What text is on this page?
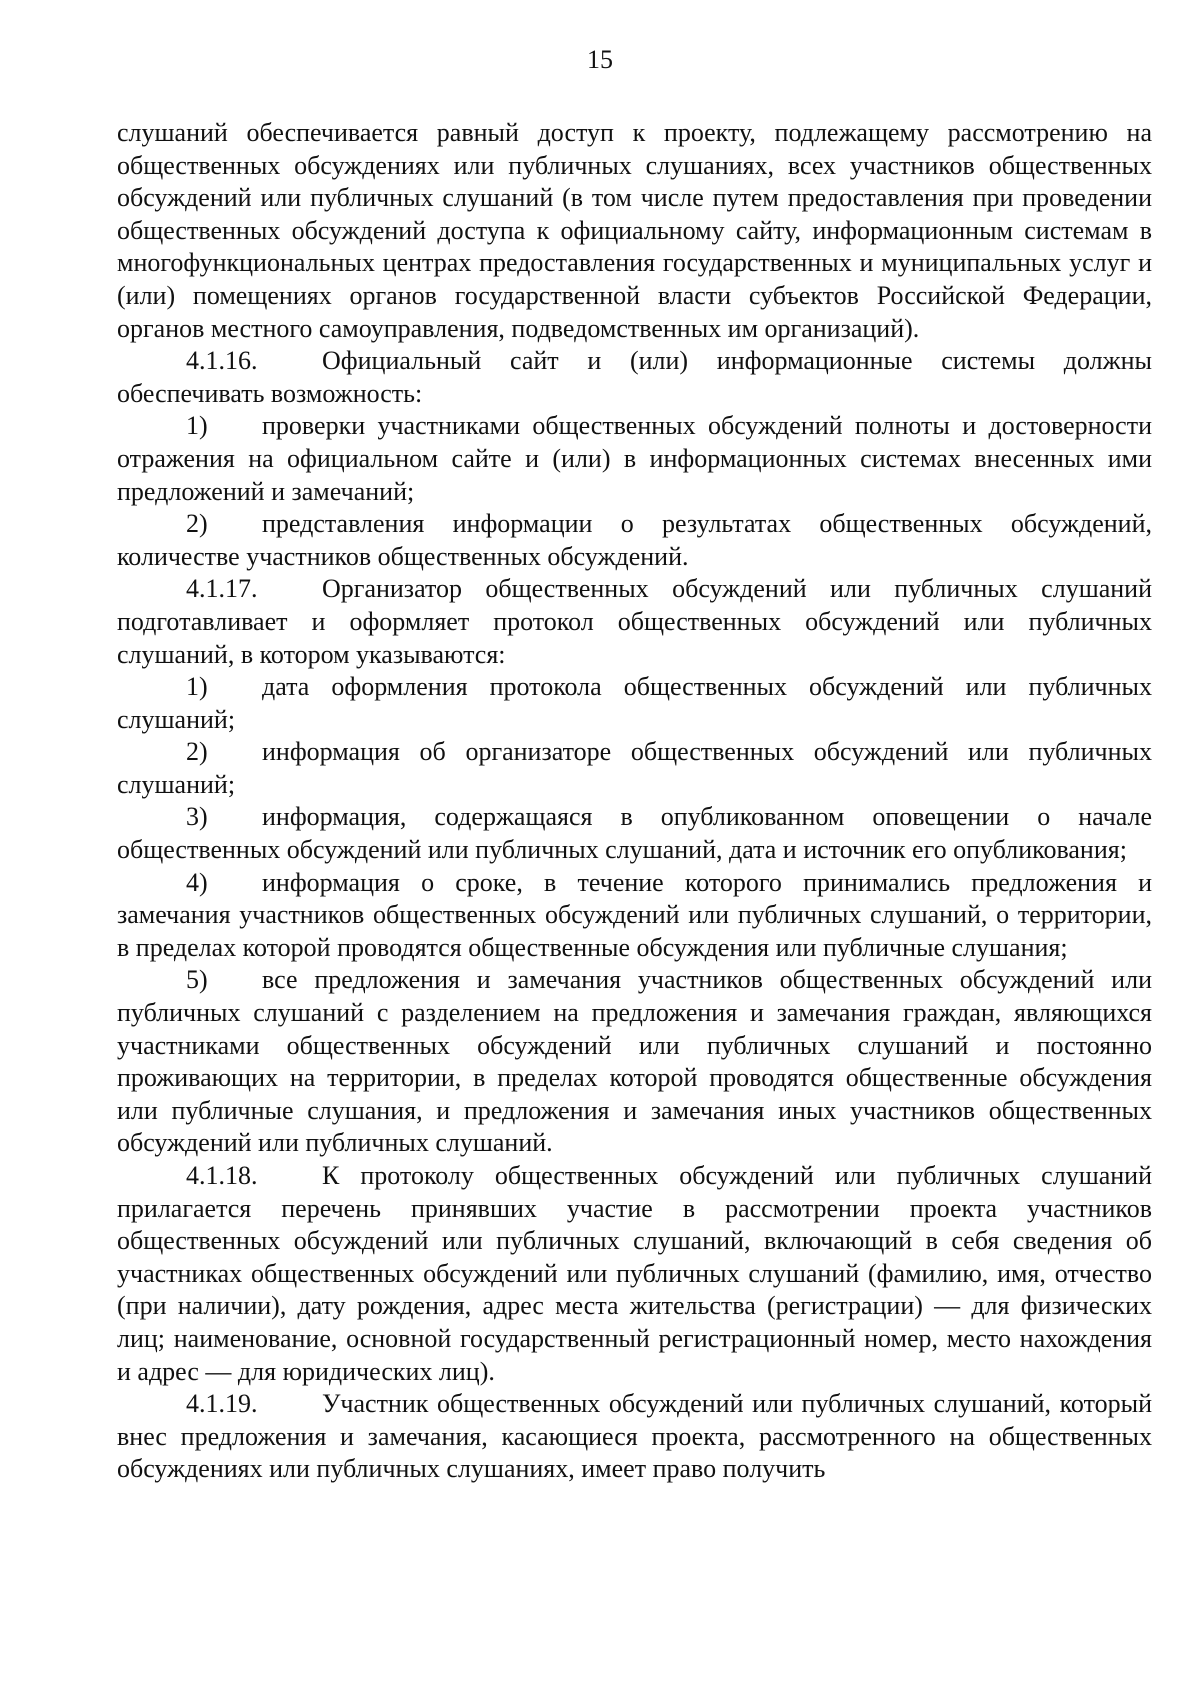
15

слушаний обеспечивается равный доступ к проекту, подлежащему рассмотрению на общественных обсуждениях или публичных слушаниях, всех участников общественных обсуждений или публичных слушаний (в том числе путем предоставления при проведении общественных обсуждений доступа к официальному сайту, информационным системам в многофункциональных центрах предоставления государственных и муниципальных услуг и (или) помещениях органов государственной власти субъектов Российской Федерации, органов местного самоуправления, подведомственных им организаций).

4.1.16. Официальный сайт и (или) информационные системы должны обеспечивать возможность:

1) проверки участниками общественных обсуждений полноты и достоверности отражения на официальном сайте и (или) в информационных системах внесенных ими предложений и замечаний;

2) представления информации о результатах общественных обсуждений, количестве участников общественных обсуждений.

4.1.17. Организатор общественных обсуждений или публичных слушаний подготавливает и оформляет протокол общественных обсуждений или публичных слушаний, в котором указываются:

1) дата оформления протокола общественных обсуждений или публичных слушаний;

2) информация об организаторе общественных обсуждений или публичных слушаний;

3) информация, содержащаяся в опубликованном оповещении о начале общественных обсуждений или публичных слушаний, дата и источник его опубликования;

4) информация о сроке, в течение которого принимались предложения и замечания участников общественных обсуждений или публичных слушаний, о территории, в пределах которой проводятся общественные обсуждения или публичные слушания;

5) все предложения и замечания участников общественных обсуждений или публичных слушаний с разделением на предложения и замечания граждан, являющихся участниками общественных обсуждений или публичных слушаний и постоянно проживающих на территории, в пределах которой проводятся общественные обсуждения или публичные слушания, и предложения и замечания иных участников общественных обсуждений или публичных слушаний.

4.1.18. К протоколу общественных обсуждений или публичных слушаний прилагается перечень принявших участие в рассмотрении проекта участников общественных обсуждений или публичных слушаний, включающий в себя сведения об участниках общественных обсуждений или публичных слушаний (фамилию, имя, отчество (при наличии), дату рождения, адрес места жительства (регистрации) — для физических лиц; наименование, основной государственный регистрационный номер, место нахождения и адрес — для юридических лиц).

4.1.19. Участник общественных обсуждений или публичных слушаний, который внес предложения и замечания, касающиеся проекта, рассмотренного на общественных обсуждениях или публичных слушаниях, имеет право получить
